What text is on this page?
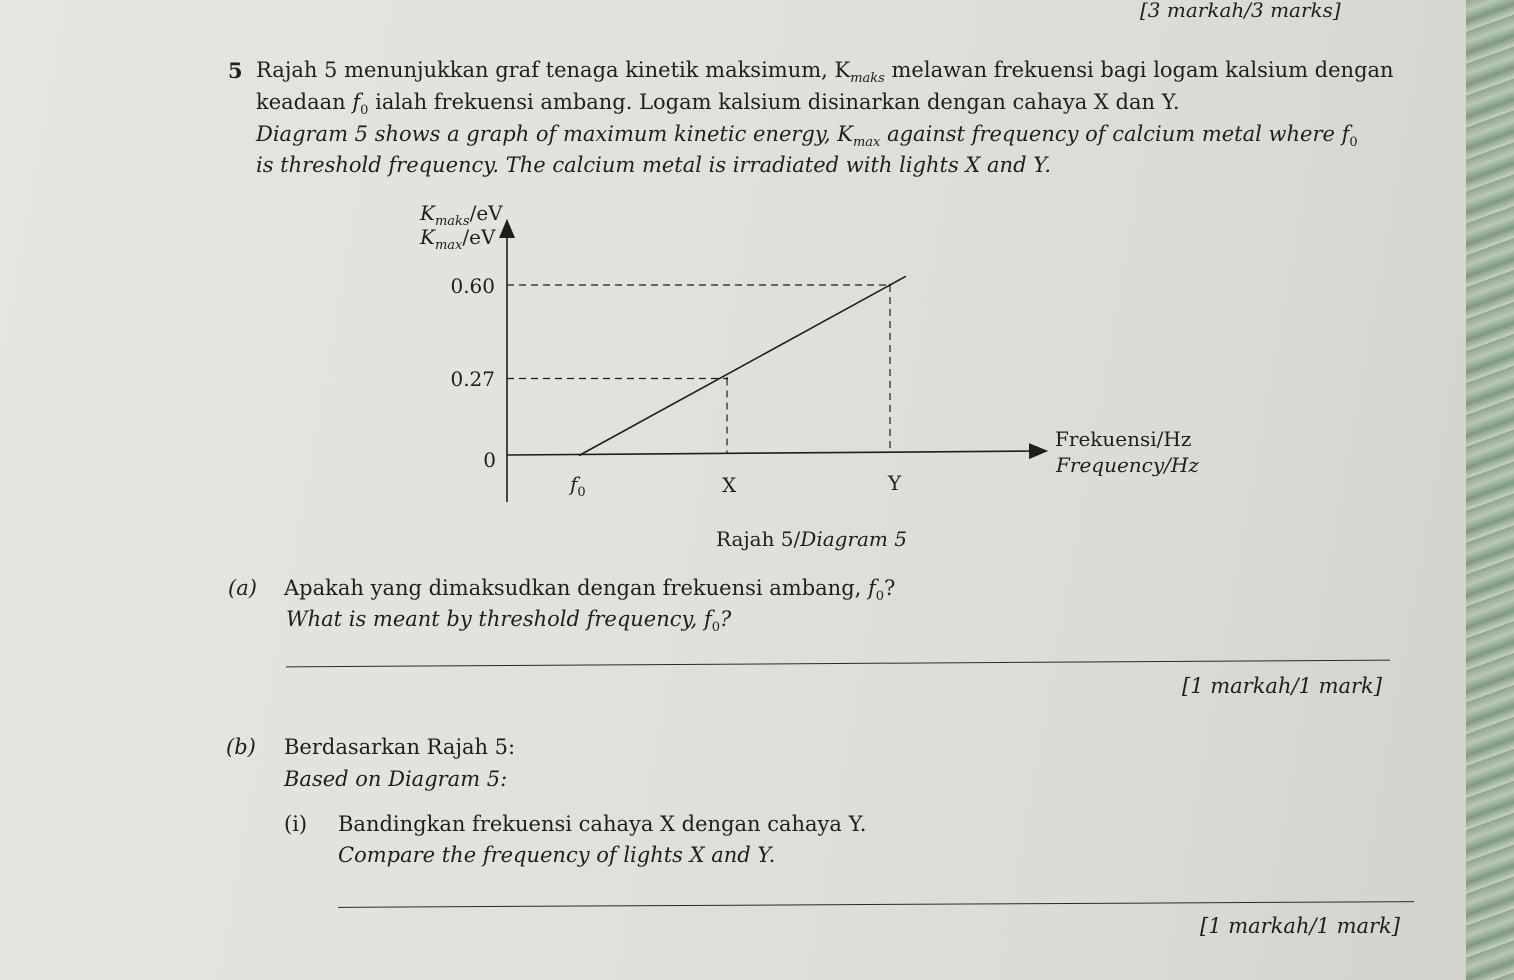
[3 markah/3 marks]
5 Rajah 5 menunjukkan graf tenaga kinetik maksimum, $K_{maks}$ melawan frekuensi bagi logam kalsium dengan
keadaan $f_0$ ialah frekuensi ambang. Logam kalsium disinarkan dengan cahaya X dan Y.
Diagram 5 shows a graph of maximum kinetic energy, $K_{max}$ against frequency of calcium metal where $f_0$
is threshold frequency. The calcium metal is irradiated with lights X and Y.
$K_{maks}/eV$
$K_{max}/eV$
0.60
0.27
0
$f_0$	X	Y
Frekuensi/Hz
Frequency/Hz
Rajah 5/Diagram 5
(a) Apakah yang dimaksudkan dengan frekuensi ambang, $f_0$?
What is meant by threshold frequency, $f_0$?
[1 markah/1 mark]
(b) Berdasarkan Rajah 5:
Based on Diagram 5:
(i) Bandingkan frekuensi cahaya X dengan cahaya Y.
Compare the frequency of lights X and Y.
[1 markah/1 mark]
